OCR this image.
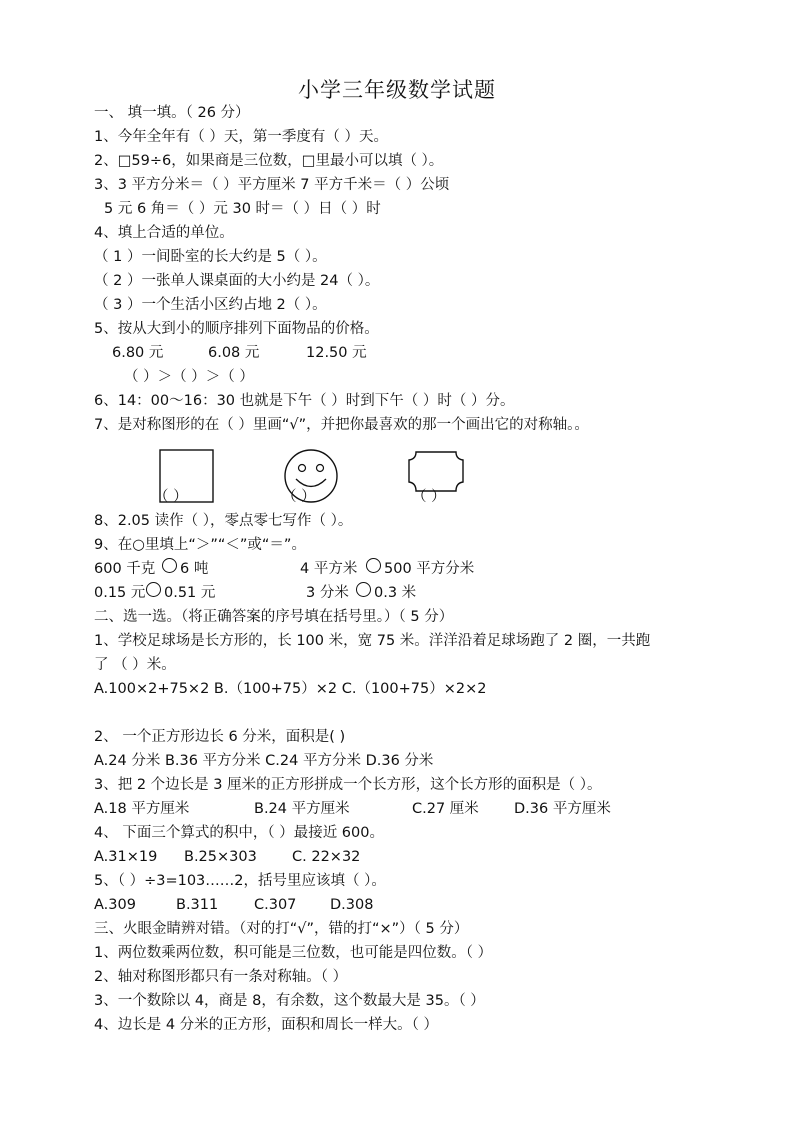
小学三年级数学试题
一、 填一填。（ 26 分）
1、今年全年有（ ）天，第一季度有（ ）天。
2、□59÷6，如果商是三位数，□里最小可以填（ ）。
3、3 平方分米＝（ ）平方厘米 7 平方千米＝（ ）公顷
5 元 6 角＝（ ）元 30 时＝（ ）日（ ）时
4、填上合适的单位。
（ 1 ）一间卧室的长大约是 5（ ）。
（ 2 ）一张单人课桌面的大小约是 24（ ）。
（ 3 ）一个生活小区约占地 2（ ）。
5、按从大到小的顺序排列下面物品的价格。
6.80 元	6.08 元	12.50 元
（ ）＞（ ）＞（ ）
6、14：00～16：30 也就是下午（ ）时到下午（ ）时（ ）分。
7、是对称图形的在（ ）里画“√”，并把你最喜欢的那一个画出它的对称轴。。
（ ）	（ ）	（ ）
8、2.05 读作（ ），零点零七写作（ ）。
9、在○里填上“＞”“＜”或“＝”。
600 千克 6 吨	4 平方米 500 平方分米
0.15 元 0.51 元	3 分米 0.3 米
二、选一选。（将正确答案的序号填在括号里。）（ 5 分）
1、学校足球场是长方形的，长 100 米，宽 75 米。洋洋沿着足球场跑了 2 圈，一共跑
了 （ ）米。
A.100×2+75×2 B.（100+75）×2 C.（100+75）×2×2
2、 一个正方形边长 6 分米，面积是( )
A.24 分米 B.36 平方分米 C.24 平方分米 D.36 分米
3、把 2 个边长是 3 厘米的正方形拼成一个长方形，这个长方形的面积是（ ）。
A.18 平方厘米	B.24 平方厘米	C.27 厘米 D.36 平方厘米
4、 下面三个算式的积中，（ ）最接近 600。
A.31×19 B.25×303 C. 22×32
5、（ ）÷3=103……2，括号里应该填（ ）。
A.309	B.311 C.307 D.308
三、火眼金睛辨对错。（对的打“√”，错的打“×”）（ 5 分）
1、两位数乘两位数，积可能是三位数，也可能是四位数。（ ）
2、轴对称图形都只有一条对称轴。（ ）
3、一个数除以 4，商是 8，有余数，这个数最大是 35。（ ）
4、边长是 4 分米的正方形，面积和周长一样大。（ ）
